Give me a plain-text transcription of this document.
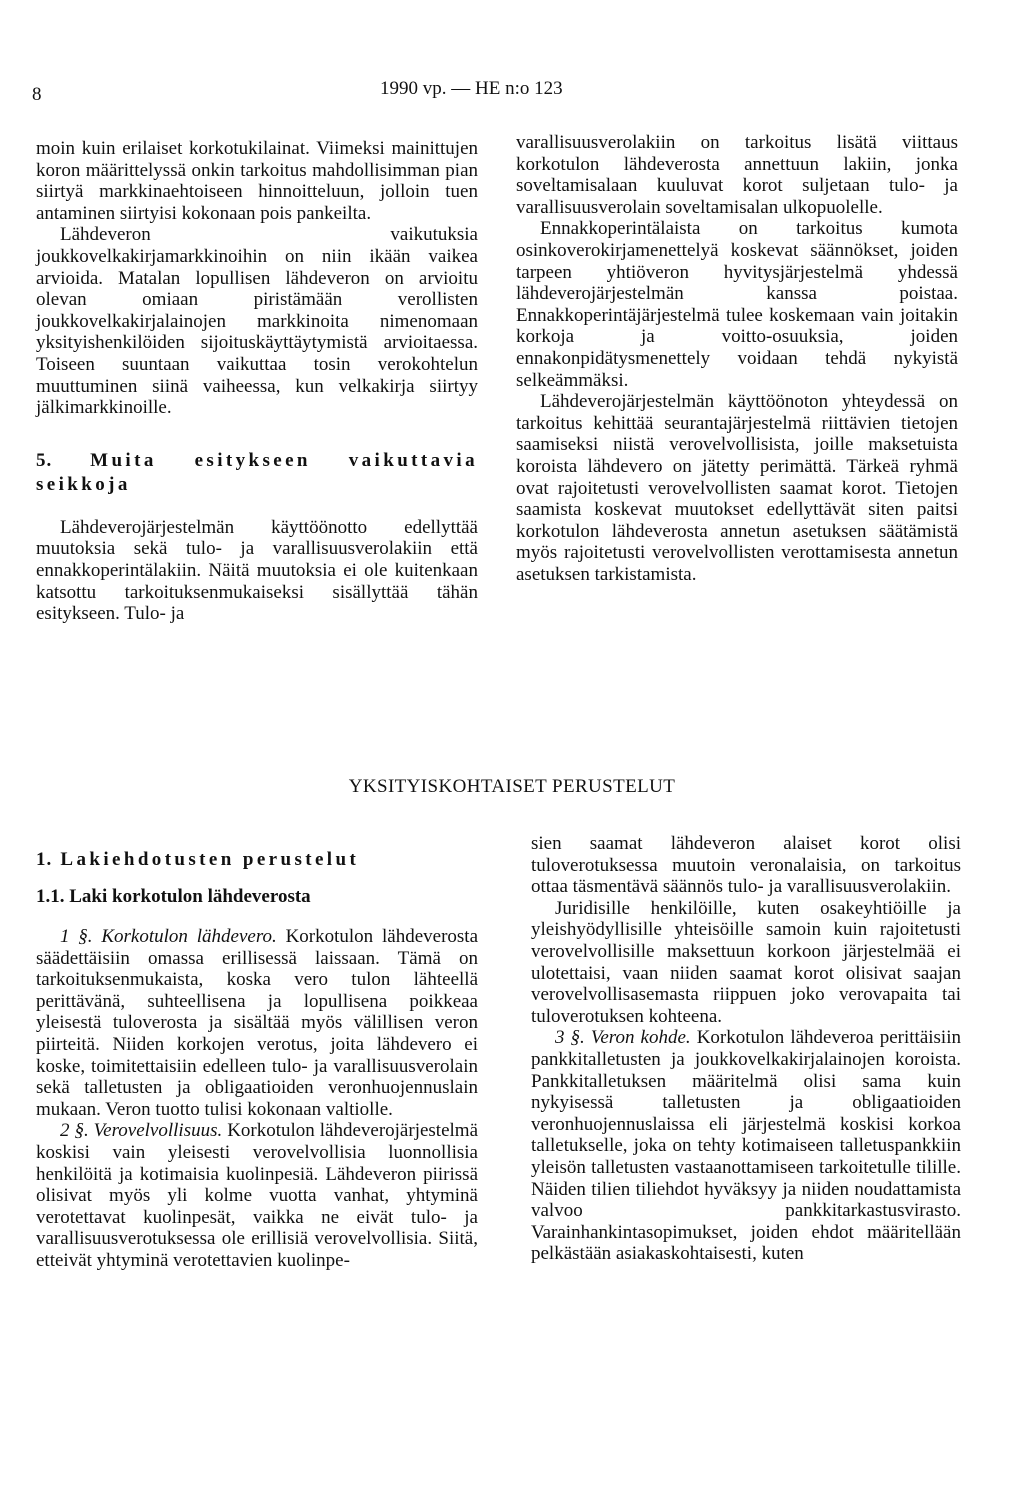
8	1990 vp. — HE n:o 123

moin kuin erilaiset korkotukilainat. Viimeksi mainittujen koron määrittelyssä onkin tarkoitus mahdollisimman pian siirtyä markkinaehtoiseen hinnoitteluun, jolloin tuen antaminen siirtyisi kokonaan pois pankeilta.

Lähdeveron vaikutuksia joukkovelkakirjamarkkinoihin on niin ikään vaikea arvioida. Matalan lopullisen lähdeveron on arvioitu olevan omiaan piristämään verollisten joukkovelkakirjalainojen markkinoita nimenomaan yksityishenkilöiden sijoituskäyttäytymistä arvioitaessa. Toiseen suuntaan vaikuttaa tosin verokohtelun muuttuminen siinä vaiheessa, kun velkakirja siirtyy jälkimarkkinoille.

5. Muita esitykseen vaikuttavia seikkoja

Lähdeverojärjestelmän käyttöönotto edellyttää muutoksia sekä tulo- ja varallisuusverolakiin että ennakkoperintälakiin. Näitä muutoksia ei ole kuitenkaan katsottu tarkoituksenmukaiseksi sisällyttää tähän esitykseen. Tulo- ja

varallisuusverolakiin on tarkoitus lisätä viittaus korkotulon lähdeverosta annettuun lakiin, jonka soveltamisalaan kuuluvat korot suljetaan tulo- ja varallisuusverolain soveltamisalan ulkopuolelle.

Ennakkoperintälaista on tarkoitus kumota osinkoverokirjamenettelyä koskevat säännökset, joiden tarpeen yhtiöveron hyvitysjärjestelmä yhdessä lähdeverojärjestelmän kanssa poistaa. Ennakkoperintäjärjestelmä tulee koskemaan vain joitakin korkoja ja voitto-osuuksia, joiden ennakonpidätysmenettely voidaan tehdä nykyistä selkeämmäksi.

Lähdeverojärjestelmän käyttöönoton yhteydessä on tarkoitus kehittää seurantajärjestelmä riittävien tietojen saamiseksi niistä verovelvollisista, joille maksetuista koroista lähdevero on jätetty perimättä. Tärkeä ryhmä ovat rajoitetusti verovelvollisten saamat korot. Tietojen saamista koskevat muutokset edellyttävät siten paitsi korkotulon lähdeverosta annetun asetuksen säätämistä myös rajoitetusti verovelvollisten verottamisesta annetun asetuksen tarkistamista.

YKSITYISKOHTAISET PERUSTELUT
1. Lakiehdotusten perustelut
1.1. Laki korkotulon lähdeverosta

1 §. Korkotulon lähdevero. Korkotulon lähdeverosta säädettäisiin omassa erillisessä laissaan. Tämä on tarkoituksenmukaista, koska vero tulon lähteellä perittävänä, suhteellisena ja lopullisena poikkeaa yleisestä tuloverosta ja sisältää myös välillisen veron piirteitä. Niiden korkojen verotus, joita lähdevero ei koske, toimitettaisiin edelleen tulo- ja varallisuusverolain sekä talletusten ja obligaatioiden veronhuojennuslain mukaan. Veron tuotto tulisi kokonaan valtiolle.

2 §. Verovelvollisuus. Korkotulon lähdeverojärjestelmä koskisi vain yleisesti verovelvollisia luonnollisia henkilöitä ja kotimaisia kuolinpesiä. Lähdeveron piirissä olisivat myös yli kolme vuotta vanhat, yhtyminä verotettavat kuolinpesät, vaikka ne eivät tulo- ja varallisuusverotuksessa ole erillisiä verovelvollisia. Siitä, etteivät yhtyminä verotettavien kuolinpe-

sien saamat lähdeveron alaiset korot olisi tuloverotuksessa muutoin veronalaisia, on tarkoitus ottaa täsmentävä säännös tulo- ja varallisuusverolakiin.

Juridisille henkilöille, kuten osakeyhtiöille ja yleishyödyllisille yhteisöille samoin kuin rajoitetusti verovelvollisille maksettuun korkoon järjestelmää ei ulotettaisi, vaan niiden saamat korot olisivat saajan verovelvollisasemasta riippuen joko verovapaita tai tuloverotuksen kohteena.

3 §. Veron kohde. Korkotulon lähdeveroa perittäisiin pankkitalletusten ja joukkovelkakirjalainojen koroista. Pankkitalletuksen määritelmä olisi sama kuin nykyisessä talletusten ja obligaatioiden veronhuojennuslaissa eli järjestelmä koskisi korkoa talletukselle, joka on tehty kotimaiseen talletuspankkiin yleisön talletusten vastaanottamiseen tarkoitetulle tilille. Näiden tilien tiliehdot hyväksyy ja niiden noudattamista valvoo pankkitarkastusvirasto. Varainhankintasopimukset, joiden ehdot määritellään pelkästään asiakaskohtaisesti, kuten
